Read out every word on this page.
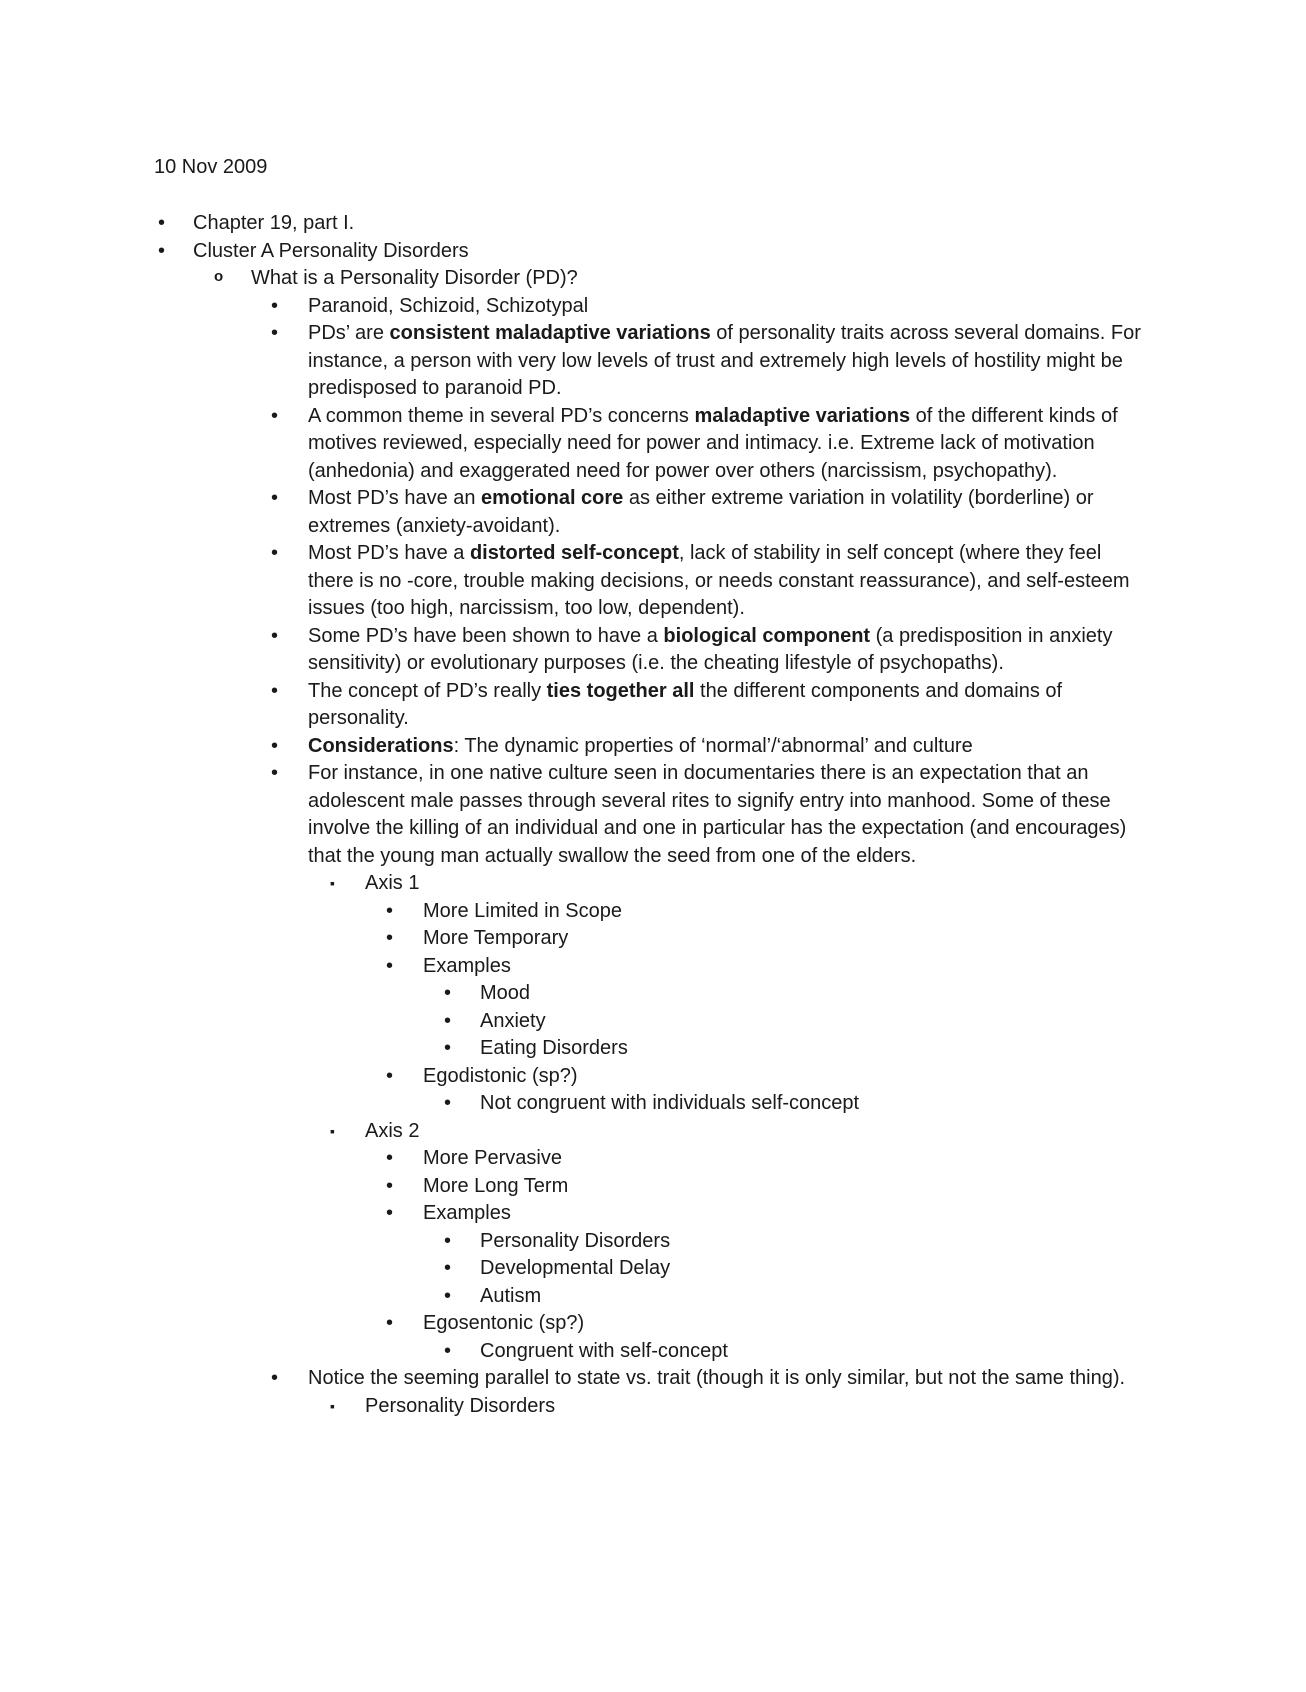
10 Nov 2009
•
Chapter 19, part I.
•
Cluster A Personality Disorders
o
What is a Personality Disorder (PD)?
•
Paranoid, Schizoid, Schizotypal
•
PDs’ are consistent maladaptive variations of personality traits across several domains. For instance, a person with very low levels of trust and extremely high levels of hostility might be predisposed to paranoid PD.
•
A common theme in several PD’s concerns maladaptive variations of the different kinds of motives reviewed, especially need for power and intimacy. i.e. Extreme lack of motivation (anhedonia) and exaggerated need for power over others (narcissism, psychopathy).
•
Most PD’s have an emotional core as either extreme variation in volatility (borderline) or extremes (anxiety-avoidant).
•
Most PD’s have a distorted self-concept, lack of stability in self concept (where they feel there is no -core, trouble making decisions, or needs constant reassurance), and self-esteem issues (too high, narcissism, too low, dependent).
•
Some PD’s have been shown to have a biological component (a predisposition in anxiety sensitivity) or evolutionary purposes (i.e. the cheating lifestyle of psychopaths).
•
The concept of PD’s really ties together all the different components and domains of personality.
•
Considerations: The dynamic properties of ‘normal’/‘abnormal’ and culture
•
For instance, in one native culture seen in documentaries there is an expectation that an adolescent male passes through several rites to signify entry into manhood. Some of these involve the killing of an individual and one in particular has the expectation (and encourages) that the young man actually swallow the seed from one of the elders.
▪
Axis 1
•
More Limited in Scope
•
More Temporary
•
Examples
•
Mood
•
Anxiety
•
Eating Disorders
•
Egodistonic (sp?)
•
Not congruent with individuals self-concept
▪
Axis 2
•
More Pervasive
•
More Long Term
•
Examples
•
Personality Disorders
•
Developmental Delay
•
Autism
•
Egosentonic (sp?)
•
Congruent with self-concept
•
Notice the seeming parallel to state vs. trait (though it is only similar, but not the same thing).
▪
Personality Disorders
